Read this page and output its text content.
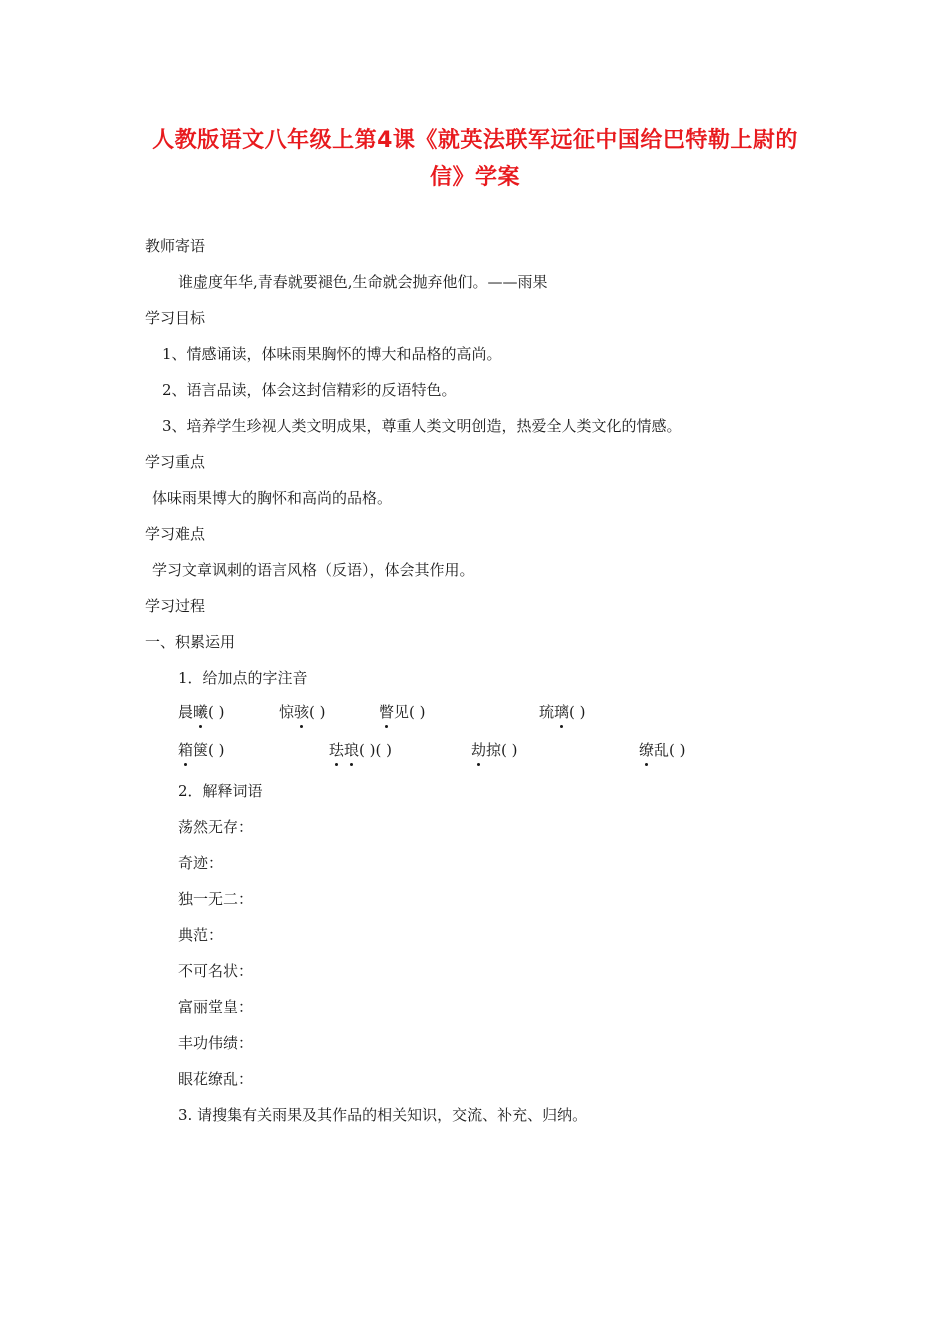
人教版语文八年级上第4课《就英法联军远征中国给巴特勒上尉的
信》学案
教师寄语
谁虚度年华,青春就要褪色,生命就会抛弃他们。——雨果
学习目标
1、情感诵读，体味雨果胸怀的博大和品格的高尚。
2、语言品读，体会这封信精彩的反语特色。
3、培养学生珍视人类文明成果，尊重人类文明创造，热爱全人类文化的情感。
学习重点
体味雨果博大的胸怀和高尚的品格。
学习难点
学习文章讽刺的语言风格（反语），体会其作用。
学习过程
一、积累运用
1．给加点的字注音
晨曦( )	惊骇( )	瞥见( )	琉璃( )
箱箧( )	珐琅( )( )	劫掠( )	缭乱( )
2．解释词语
荡然无存：
奇迹：
独一无二：
典范：
不可名状：
富丽堂皇：
丰功伟绩：
眼花缭乱：
3. 请搜集有关雨果及其作品的相关知识，交流、补充、归纳。
